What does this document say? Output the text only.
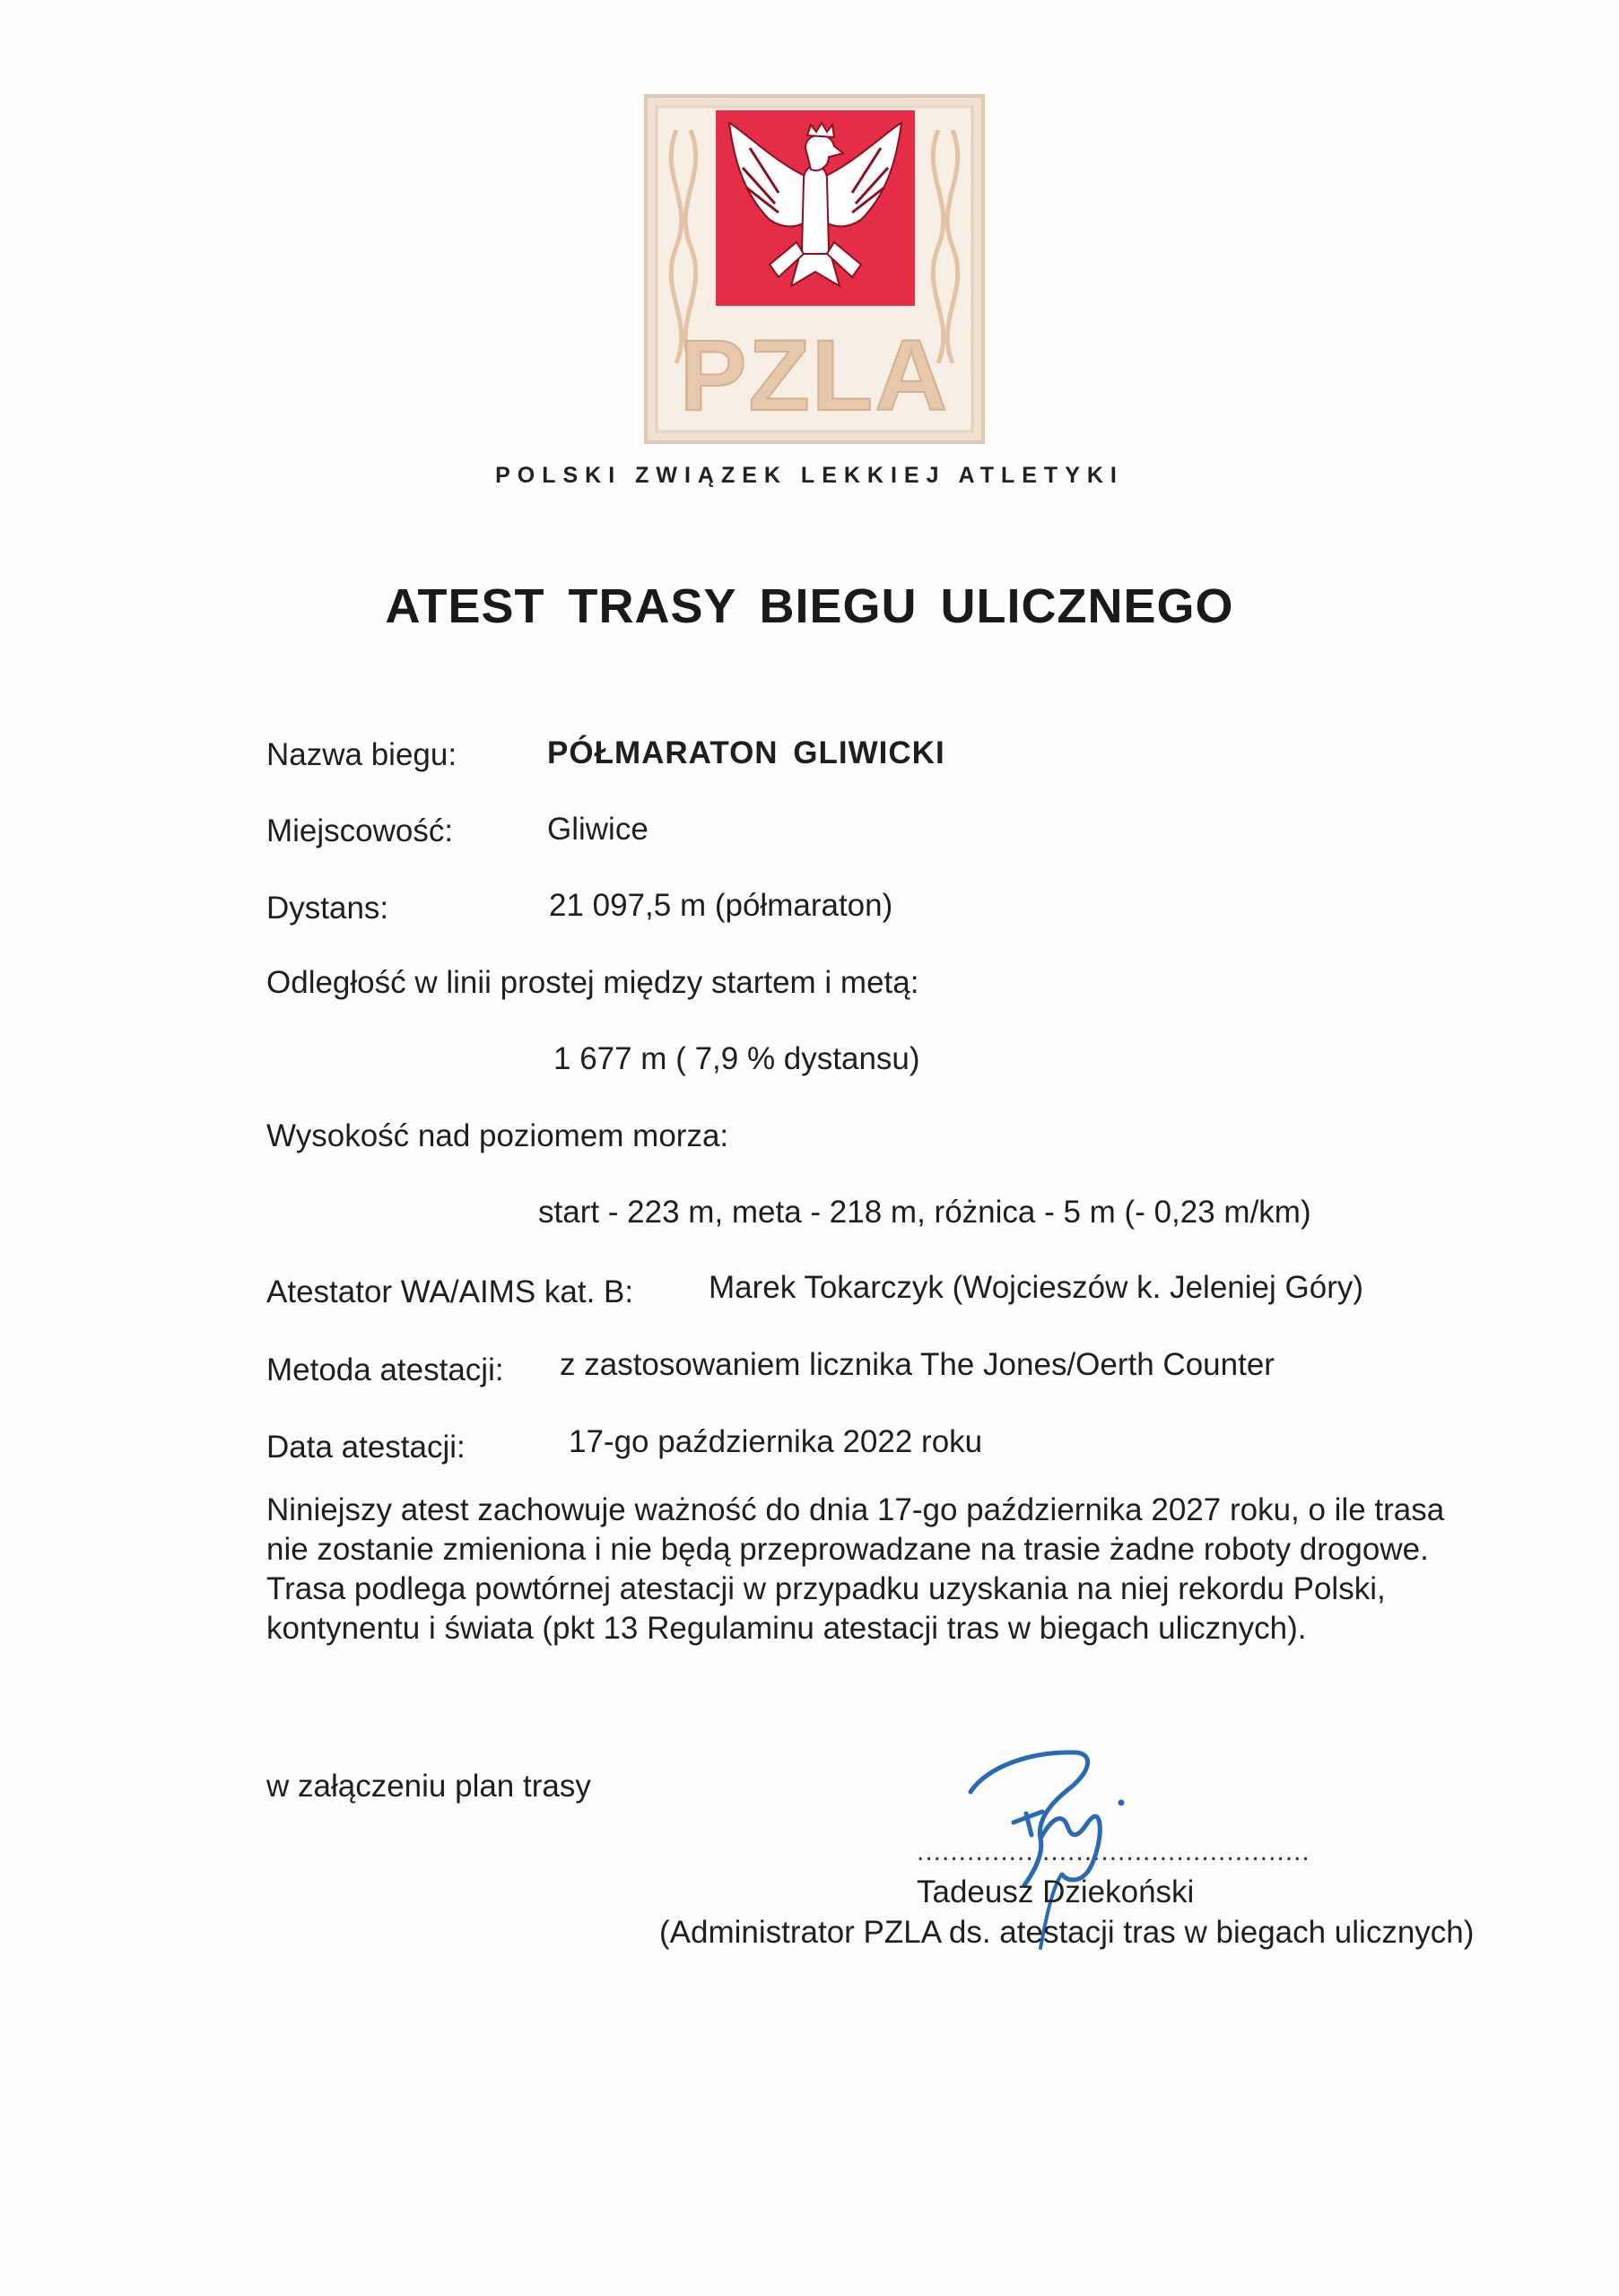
PZLA
POLSKI ZWIĄZEK LEKKIEJ ATLETYKI
ATEST TRASY BIEGU ULICZNEGO
Nazwa biegu:	PÓŁMARATON GLIWICKI
Miejscowość:	Gliwice
Dystans:	21 097,5 m (półmaraton)
Odległość w linii prostej między startem i metą:
1 677 m ( 7,9 % dystansu)
Wysokość nad poziomem morza:
start - 223 m, meta - 218 m, różnica - 5 m (- 0,23 m/km)
Atestator WA/AIMS kat. B: Marek Tokarczyk (Wojcieszów k. Jeleniej Góry)
Metoda atestacji: z zastosowaniem licznika The Jones/Oerth Counter
Data atestacji:	17-go października 2022 roku
Niniejszy atest zachowuje ważność do dnia 17-go października 2027 roku, o ile trasa
nie zostanie zmieniona i nie będą przeprowadzane na trasie żadne roboty drogowe.
Trasa podlega powtórnej atestacji w przypadku uzyskania na niej rekordu Polski,
kontynentu i świata (pkt 13 Regulaminu atestacji tras w biegach ulicznych).
w załączeniu plan trasy
...............................................
Tadeusz Dziekoński
(Administrator PZLA ds. atestacji tras w biegach ulicznych)
